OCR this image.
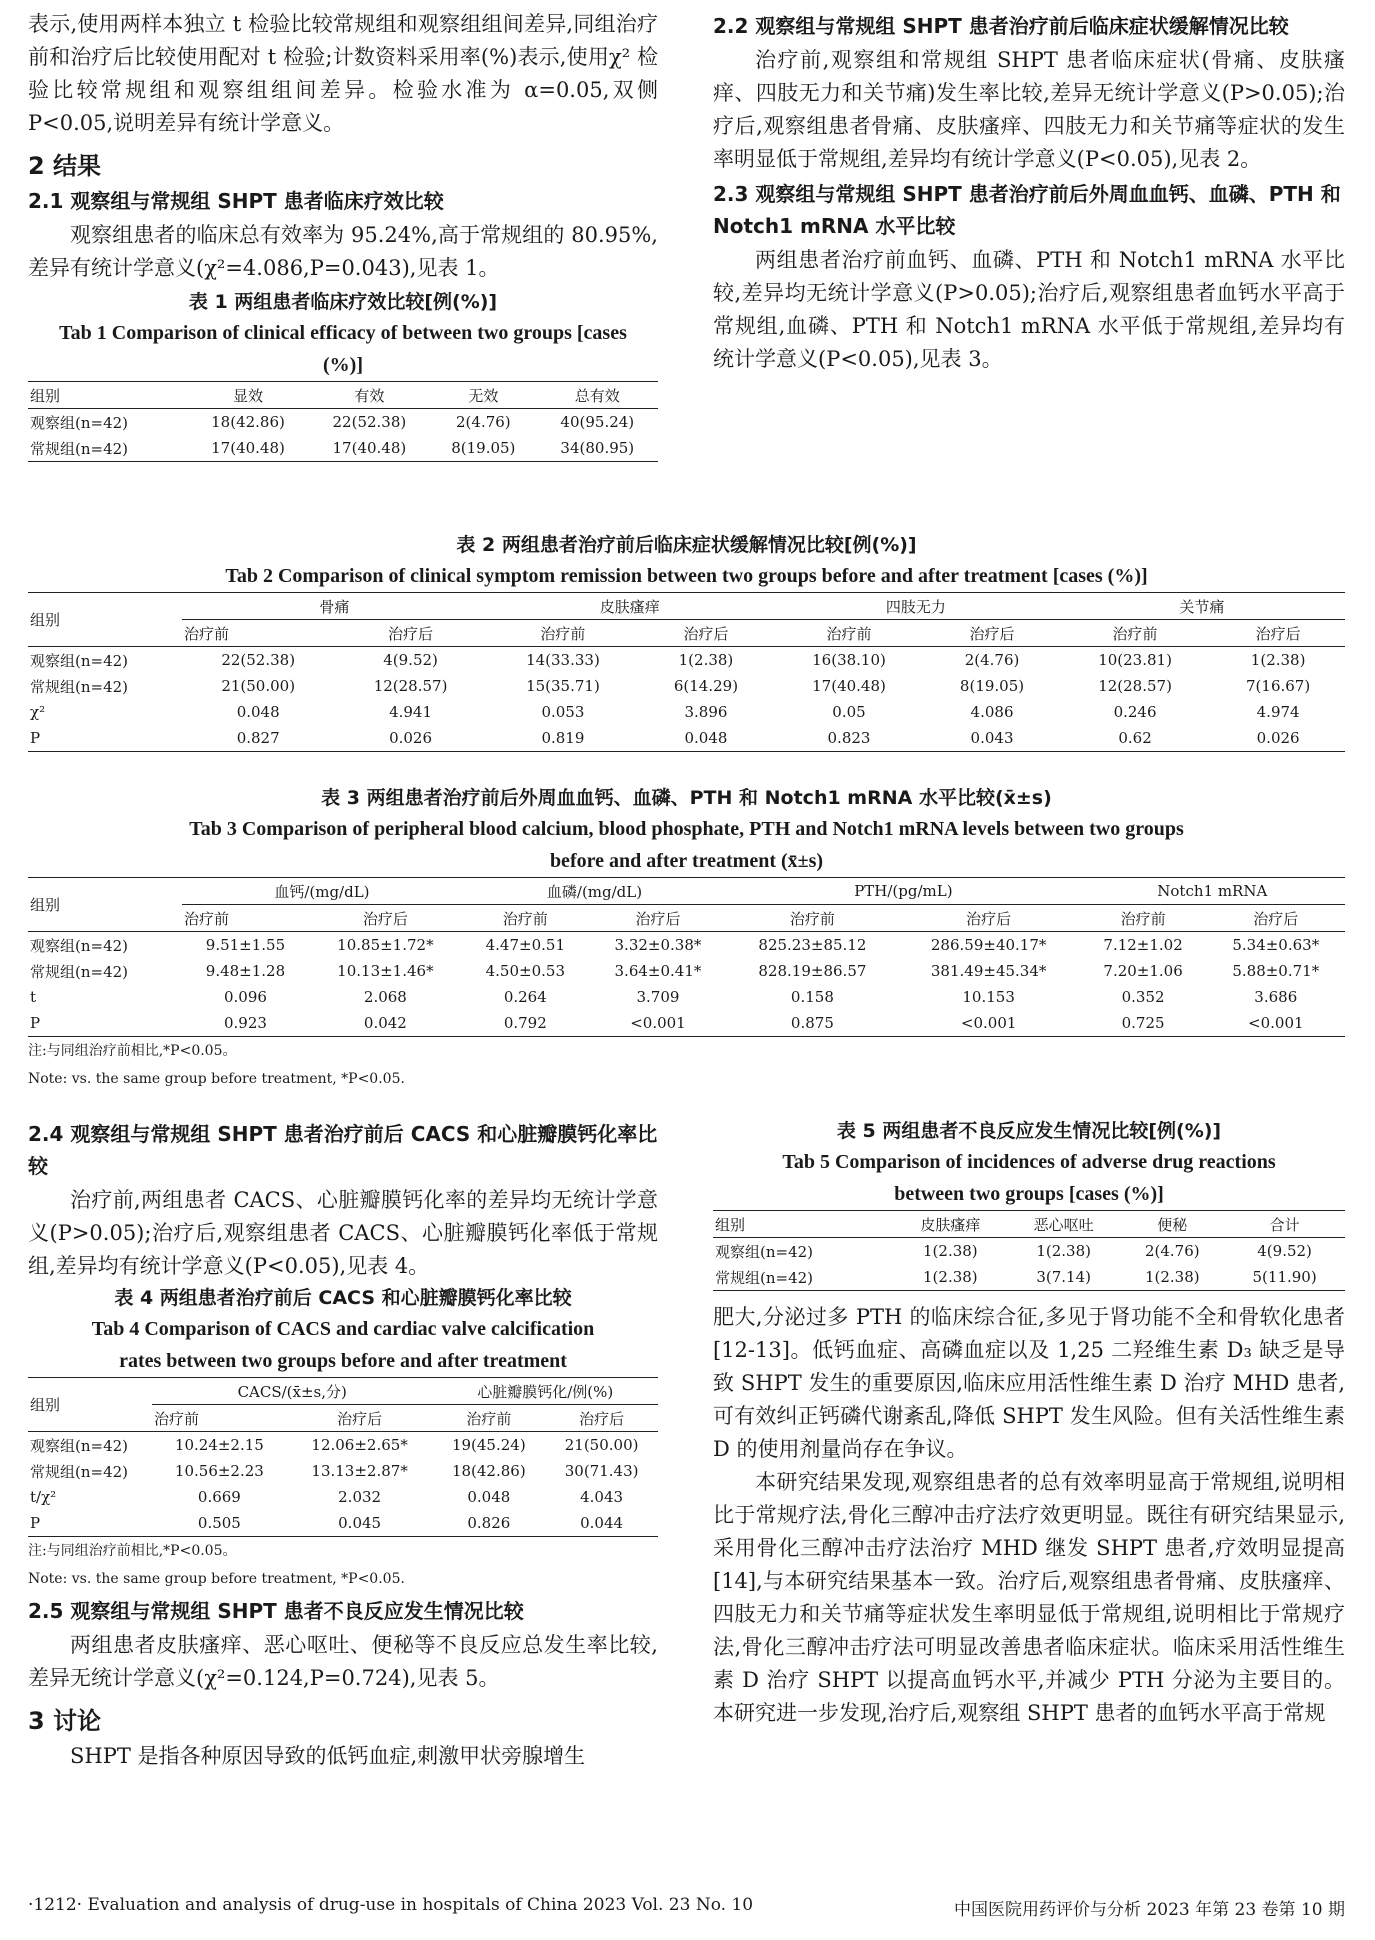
表示,使用两样本独立 t 检验比较常规组和观察组组间差异,同组治疗前和治疗后比较使用配对 t 检验;计数资料采用率(%)表示,使用χ² 检验比较常规组和观察组组间差异。检验水准为 α=0.05,双侧 P<0.05,说明差异有统计学意义。

2 结果
2.1 观察组与常规组 SHPT 患者临床疗效比较

观察组患者的临床总有效率为 95.24%,高于常规组的 80.95%,差异有统计学意义(χ²=4.086,P=0.043),见表 1。

表 1 两组患者临床疗效比较[例(%)]
Tab 1 Comparison of clinical efficacy of between two groups [cases (%)]
组别	显效	有效	无效	总有效
观察组(n=42)	18(42.86)	22(52.38)	2(4.76)	40(95.24)
常规组(n=42)	17(40.48)	17(40.48)	8(19.05)	34(80.95)
2.2 观察组与常规组 SHPT 患者治疗前后临床症状缓解情况比较

治疗前,观察组和常规组 SHPT 患者临床症状(骨痛、皮肤瘙痒、四肢无力和关节痛)发生率比较,差异无统计学意义(P>0.05);治疗后,观察组患者骨痛、皮肤瘙痒、四肢无力和关节痛等症状的发生率明显低于常规组,差异均有统计学意义(P<0.05),见表 2。

2.3 观察组与常规组 SHPT 患者治疗前后外周血血钙、血磷、PTH 和 Notch1 mRNA 水平比较

两组患者治疗前血钙、血磷、PTH 和 Notch1 mRNA 水平比较,差异均无统计学意义(P>0.05);治疗后,观察组患者血钙水平高于常规组,血磷、PTH 和 Notch1 mRNA 水平低于常规组,差异均有统计学意义(P<0.05),见表 3。

表 2 两组患者治疗前后临床症状缓解情况比较[例(%)]
Tab 2 Comparison of clinical symptom remission between two groups before and after treatment [cases (%)]
组别	骨痛		皮肤瘙痒		四肢无力		关节痛	
	治疗前	治疗后	治疗前	治疗后	治疗前	治疗后	治疗前	治疗后
观察组(n=42)	22(52.38)	4(9.52)	14(33.33)	1(2.38)	16(38.10)	2(4.76)	10(23.81)	1(2.38)
常规组(n=42)	21(50.00)	12(28.57)	15(35.71)	6(14.29)	17(40.48)	8(19.05)	12(28.57)	7(16.67)
χ²	0.048	4.941	0.053	3.896	0.05	4.086	0.246	4.974
P	0.827	0.026	0.819	0.048	0.823	0.043	0.62	0.026
表 3 两组患者治疗前后外周血血钙、血磷、PTH 和 Notch1 mRNA 水平比较(x̄±s)
Tab 3 Comparison of peripheral blood calcium, blood phosphate, PTH and Notch1 mRNA levels between two groups
before and after treatment (x̄±s)
组别	血钙/(mg/dL)		血磷/(mg/dL)		PTH/(pg/mL)		Notch1 mRNA	
	治疗前	治疗后	治疗前	治疗后	治疗前	治疗后	治疗前	治疗后
观察组(n=42)	9.51±1.55	10.85±1.72*	4.47±0.51	3.32±0.38*	825.23±85.12	286.59±40.17*	7.12±1.02	5.34±0.63*
常规组(n=42)	9.48±1.28	10.13±1.46*	4.50±0.53	3.64±0.41*	828.19±86.57	381.49±45.34*	7.20±1.06	5.88±0.71*
t	0.096	2.068	0.264	3.709	0.158	10.153	0.352	3.686
P	0.923	0.042	0.792	<0.001	0.875	<0.001	0.725	<0.001

注:与同组治疗前相比,*P<0.05。

Note: vs. the same group before treatment, *P<0.05.

2.4 观察组与常规组 SHPT 患者治疗前后 CACS 和心脏瓣膜钙化率比较

治疗前,两组患者 CACS、心脏瓣膜钙化率的差异均无统计学意义(P>0.05);治疗后,观察组患者 CACS、心脏瓣膜钙化率低于常规组,差异均有统计学意义(P<0.05),见表 4。

表 4 两组患者治疗前后 CACS 和心脏瓣膜钙化率比较
Tab 4 Comparison of CACS and cardiac valve calcification
rates between two groups before and after treatment
组别	CACS/(x̄±s,分)		心脏瓣膜钙化/例(%)	
	治疗前	治疗后	治疗前	治疗后
观察组(n=42)	10.24±2.15	12.06±2.65*	19(45.24)	21(50.00)
常规组(n=42)	10.56±2.23	13.13±2.87*	18(42.86)	30(71.43)
t/χ²	0.669	2.032	0.048	4.043
P	0.505	0.045	0.826	0.044

注:与同组治疗前相比,*P<0.05。

Note: vs. the same group before treatment, *P<0.05.

2.5 观察组与常规组 SHPT 患者不良反应发生情况比较

两组患者皮肤瘙痒、恶心呕吐、便秘等不良反应总发生率比较,差异无统计学意义(χ²=0.124,P=0.724),见表 5。

3 讨论

SHPT 是指各种原因导致的低钙血症,刺激甲状旁腺增生

表 5 两组患者不良反应发生情况比较[例(%)]
Tab 5 Comparison of incidences of adverse drug reactions
between two groups [cases (%)]
组别	皮肤瘙痒	恶心呕吐	便秘	合计
观察组(n=42)	1(2.38)	1(2.38)	2(4.76)	4(9.52)
常规组(n=42)	1(2.38)	3(7.14)	1(2.38)	5(11.90)

肥大,分泌过多 PTH 的临床综合征,多见于肾功能不全和骨软化患者[12-13]。低钙血症、高磷血症以及 1,25 二羟维生素 D₃ 缺乏是导致 SHPT 发生的重要原因,临床应用活性维生素 D 治疗 MHD 患者,可有效纠正钙磷代谢紊乱,降低 SHPT 发生风险。但有关活性维生素 D 的使用剂量尚存在争议。

本研究结果发现,观察组患者的总有效率明显高于常规组,说明相比于常规疗法,骨化三醇冲击疗法疗效更明显。既往有研究结果显示,采用骨化三醇冲击疗法治疗 MHD 继发 SHPT 患者,疗效明显提高[14],与本研究结果基本一致。治疗后,观察组患者骨痛、皮肤瘙痒、四肢无力和关节痛等症状发生率明显低于常规组,说明相比于常规疗法,骨化三醇冲击疗法可明显改善患者临床症状。临床采用活性维生素 D 治疗 SHPT 以提高血钙水平,并减少 PTH 分泌为主要目的。本研究进一步发现,治疗后,观察组 SHPT 患者的血钙水平高于常规

·1212· Evaluation and analysis of drug-use in hospitals of China 2023 Vol. 23 No. 10	中国医院用药评价与分析 2023 年第 23 卷第 10 期
